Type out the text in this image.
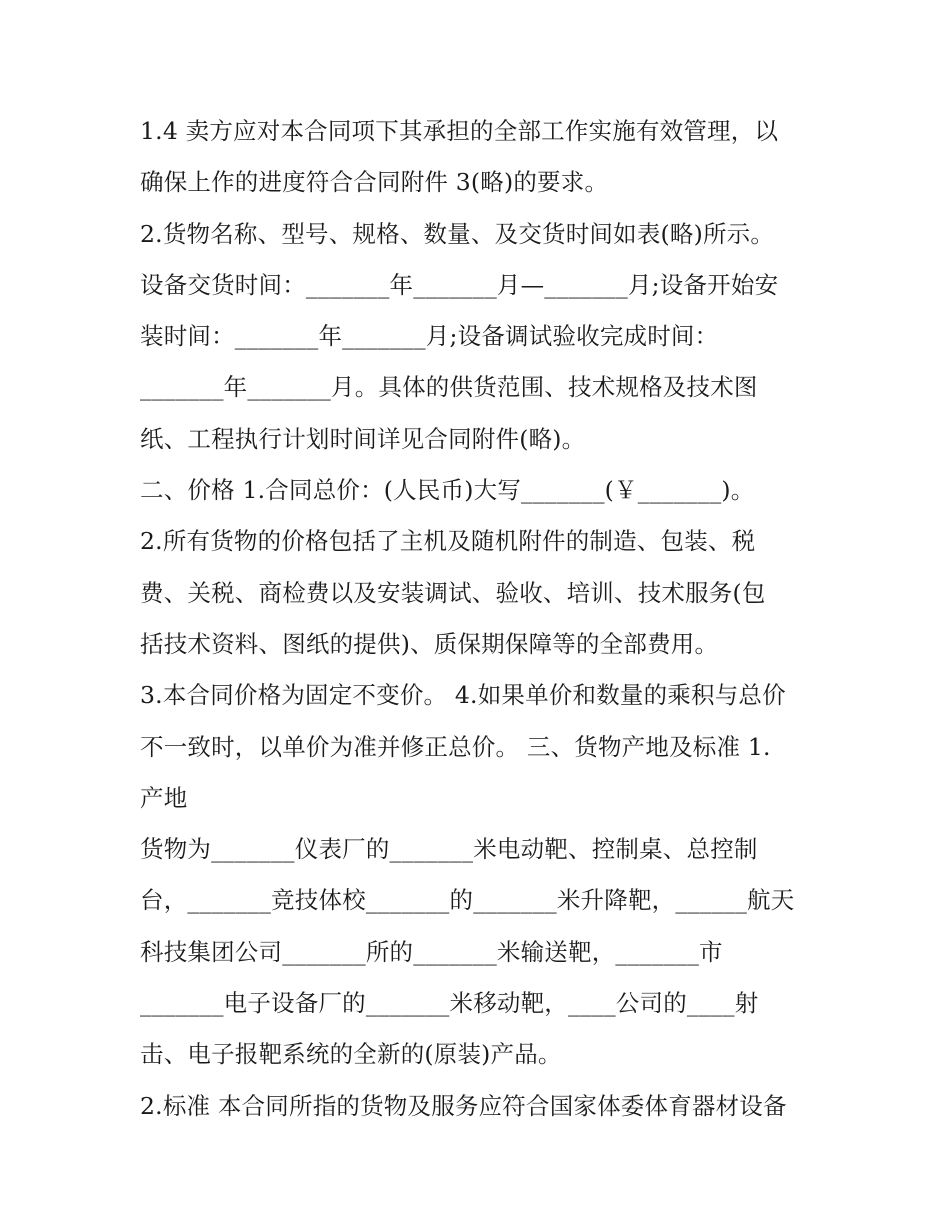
1.4 卖方应对本合同项下其承担的全部工作实施有效管理，以
确保上作的进度符合合同附件 3(略)的要求。
2.货物名称、型号、规格、数量、及交货时间如表(略)所示。
设备交货时间：_______年_______月—_______月;设备开始安
装时间：_______年_______月;设备调试验收完成时间：
_______年_______月。具体的供货范围、技术规格及技术图
纸、工程执行计划时间详见合同附件(略)。
二、价格 1.合同总价：(人民币)大写_______(￥_______)。
2.所有货物的价格包括了主机及随机附件的制造、包装、税
费、关税、商检费以及安装调试、验收、培训、技术服务(包
括技术资料、图纸的提供)、质保期保障等的全部费用。
3.本合同价格为固定不变价。 4.如果单价和数量的乘积与总价
不一致时，以单价为准并修正总价。 三、货物产地及标准 1.
产地
货物为_______仪表厂的_______米电动靶、控制桌、总控制
台，_______竞技体校_______的_______米升降靶，______航天
科技集团公司_______所的_______米输送靶，_______市
_______电子设备厂的_______米移动靶，____公司的____射
击、电子报靶系统的全新的(原装)产品。
2.标准 本合同所指的货物及服务应符合国家体委体育器材设备
